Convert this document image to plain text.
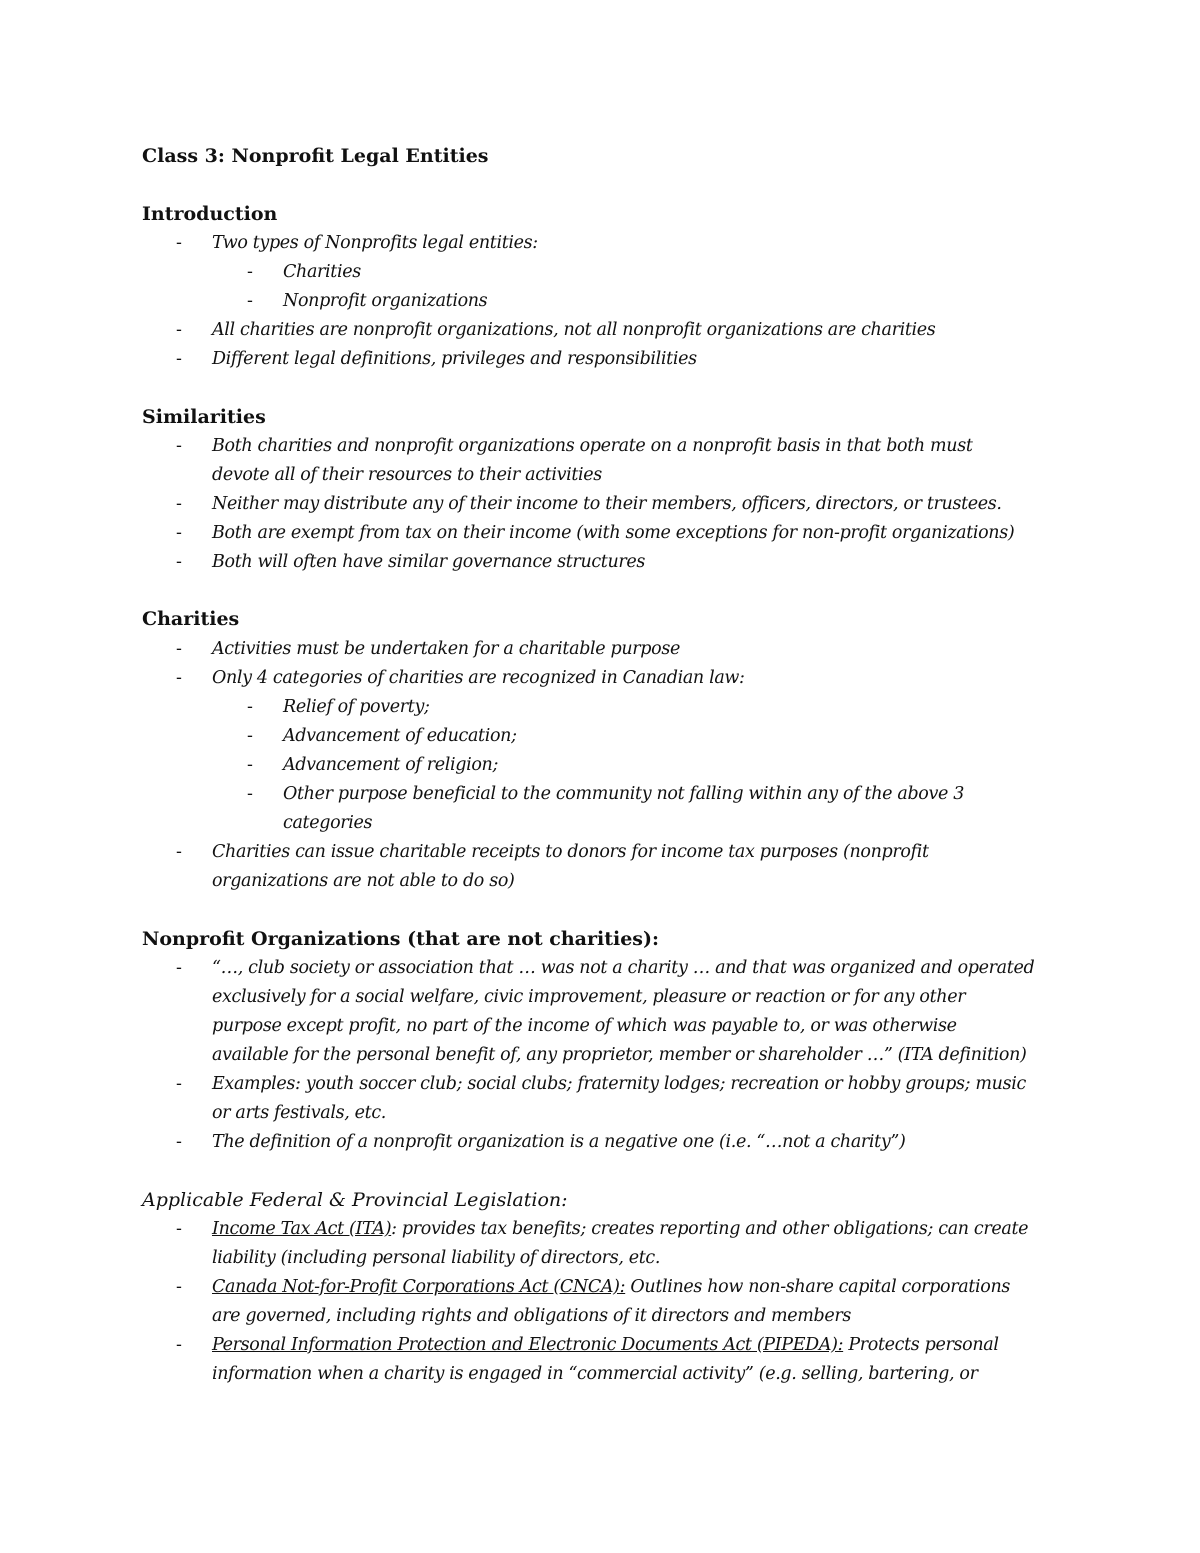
Class 3: Nonprofit Legal Entities
Introduction
- Two types of Nonprofits legal entities:
- Charities
- Nonprofit organizations
- All charities are nonprofit organizations, not all nonprofit organizations are charities
- Different legal definitions, privileges and responsibilities
Similarities
- Both charities and nonprofit organizations operate on a nonprofit basis in that both must
devote all of their resources to their activities
- Neither may distribute any of their income to their members, officers, directors, or trustees.
- Both are exempt from tax on their income (with some exceptions for non-profit organizations)
- Both will often have similar governance structures
Charities
- Activities must be undertaken for a charitable purpose
- Only 4 categories of charities are recognized in Canadian law:
- Relief of poverty;
- Advancement of education;
- Advancement of religion;
- Other purpose beneficial to the community not falling within any of the above 3
categories
- Charities can issue charitable receipts to donors for income tax purposes (nonprofit
organizations are not able to do so)
Nonprofit Organizations (that are not charities):
- “…, club society or association that … was not a charity … and that was organized and operated
exclusively for a social welfare, civic improvement, pleasure or reaction or for any other
purpose except profit, no part of the income of which was payable to, or was otherwise
available for the personal benefit of, any proprietor, member or shareholder …” (ITA definition)
- Examples: youth soccer club; social clubs; fraternity lodges; recreation or hobby groups; music
or arts festivals, etc.
- The definition of a nonprofit organization is a negative one (i.e. “…not a charity”)
Applicable Federal & Provincial Legislation:
- Income Tax Act (ITA): provides tax benefits; creates reporting and other obligations; can create
liability (including personal liability of directors, etc.
- Canada Not-for-Profit Corporations Act (CNCA): Outlines how non-share capital corporations
are governed, including rights and obligations of it directors and members
- Personal Information Protection and Electronic Documents Act (PIPEDA): Protects personal
information when a charity is engaged in “commercial activity” (e.g. selling, bartering, or
